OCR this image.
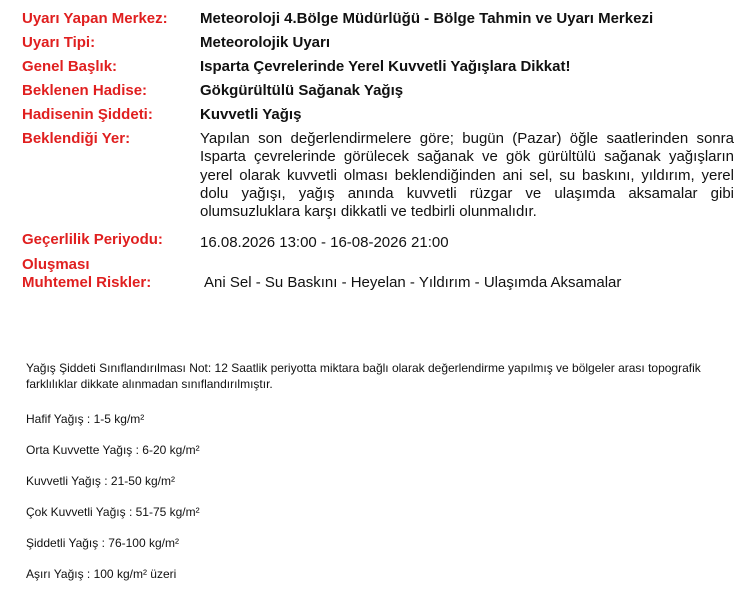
Uyarı Yapan Merkez:	Meteoroloji 4.Bölge Müdürlüğü - Bölge Tahmin ve Uyarı Merkezi
Uyarı Tipi:	Meteorolojik Uyarı
Genel Başlık:	Isparta Çevrelerinde Yerel Kuvvetli Yağışlara Dikkat!
Beklenen Hadise:	Gökgürültülü Sağanak Yağış
Hadisenin Şiddeti:	Kuvvetli Yağış
Beklendiği Yer:	Yapılan son değerlendirmelere göre; bugün (Pazar) öğle saatlerinden sonra Isparta çevrelerinde görülecek sağanak ve gök gürültülü sağanak yağışların yerel olarak kuvvetli olması beklendiğinden ani sel, su baskını, yıldırım, yerel dolu yağışı, yağış anında kuvvetli rüzgar ve ulaşımda aksamalar gibi olumsuzluklara karşı dikkatli ve tedbirli olunmalıdır.
Geçerlilik Periyodu:	16.08.2026 13:00 - 16-08-2026 21:00
Oluşması
Muhtemel Riskler:	Ani Sel - Su Baskını - Heyelan - Yıldırım - Ulaşımda Aksamalar

Yağış Şiddeti Sınıflandırılması Not: 12 Saatlik periyotta miktara bağlı olarak değerlendirme yapılmış ve bölgeler arası topografik farklılıklar dikkate alınmadan sınıflandırılmıştır.

Hafif Yağış : 1-5 kg/m²
Orta Kuvvette Yağış : 6-20 kg/m²
Kuvvetli Yağış : 21-50 kg/m²
Çok Kuvvetli Yağış : 51-75 kg/m²
Şiddetli Yağış : 76-100 kg/m²
Aşırı Yağış : 100 kg/m² üzeri
